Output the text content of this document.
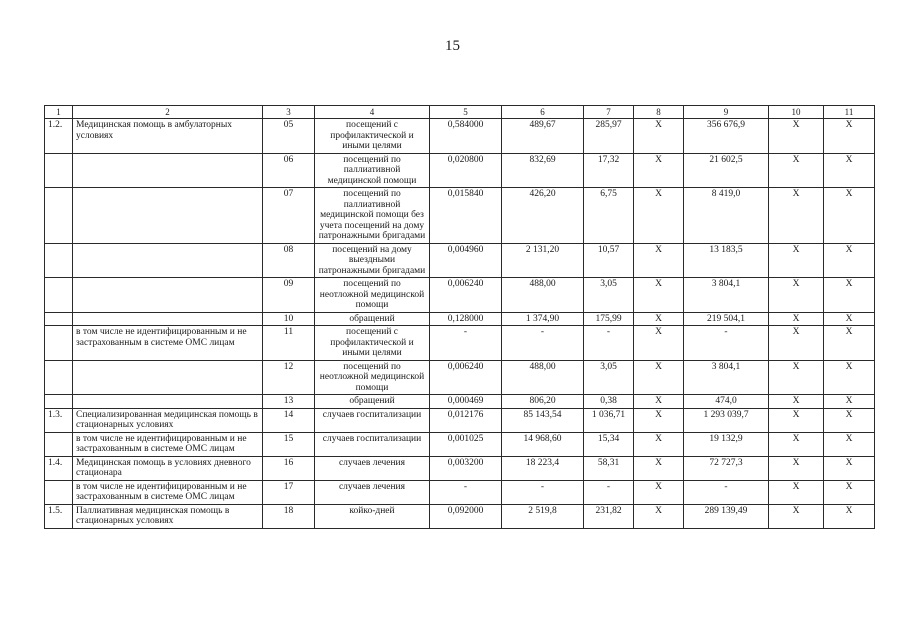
15
1	2	3	4	5	6	7	8	9	10	11
1.2.	Медицинская помощь в амбулаторных условиях	05	посещений с профилактической и иными целями	0,584000	489,67	285,97	Х	356 676,9	Х	Х
		06	посещений по паллиативной медицинской помощи	0,020800	832,69	17,32	Х	21 602,5	Х	Х
		07	посещений по паллиативной медицинской помощи без учета посещений на дому патронажными бригадами	0,015840	426,20	6,75	Х	8 419,0	Х	Х
		08	посещений на дому выездными патронажными бригадами	0,004960	2 131,20	10,57	Х	13 183,5	Х	Х
		09	посещений по неотложной медицинской помощи	0,006240	488,00	3,05	Х	3 804,1	Х	Х
		10	обращений	0,128000	1 374,90	175,99	Х	219 504,1	Х	Х
	в том числе не идентифицированным и не застрахованным в системе ОМС лицам	11	посещений с профилактической и иными целями	-	-	-	Х	-	Х	Х
		12	посещений по неотложной медицинской помощи	0,006240	488,00	3,05	Х	3 804,1	Х	Х
		13	обращений	0,000469	806,20	0,38	Х	474,0	Х	Х
1.3.	Специализированная медицинская помощь в стационарных условиях	14	случаев госпитализации	0,012176	85 143,54	1 036,71	Х	1 293 039,7	Х	Х
	в том числе не идентифицированным и не застрахованным в системе ОМС лицам	15	случаев госпитализации	0,001025	14 968,60	15,34	Х	19 132,9	Х	Х
1.4.	Медицинская помощь в условиях дневного стационара	16	случаев лечения	0,003200	18 223,4	58,31	Х	72 727,3	Х	Х
	в том числе не идентифицированным и не застрахованным в системе ОМС лицам	17	случаев лечения	-	-	-	Х	-	Х	Х
1.5.	Паллиативная медицинская помощь в стационарных условиях	18	койко-дней	0,092000	2 519,8	231,82	Х	289 139,49	Х	Х
